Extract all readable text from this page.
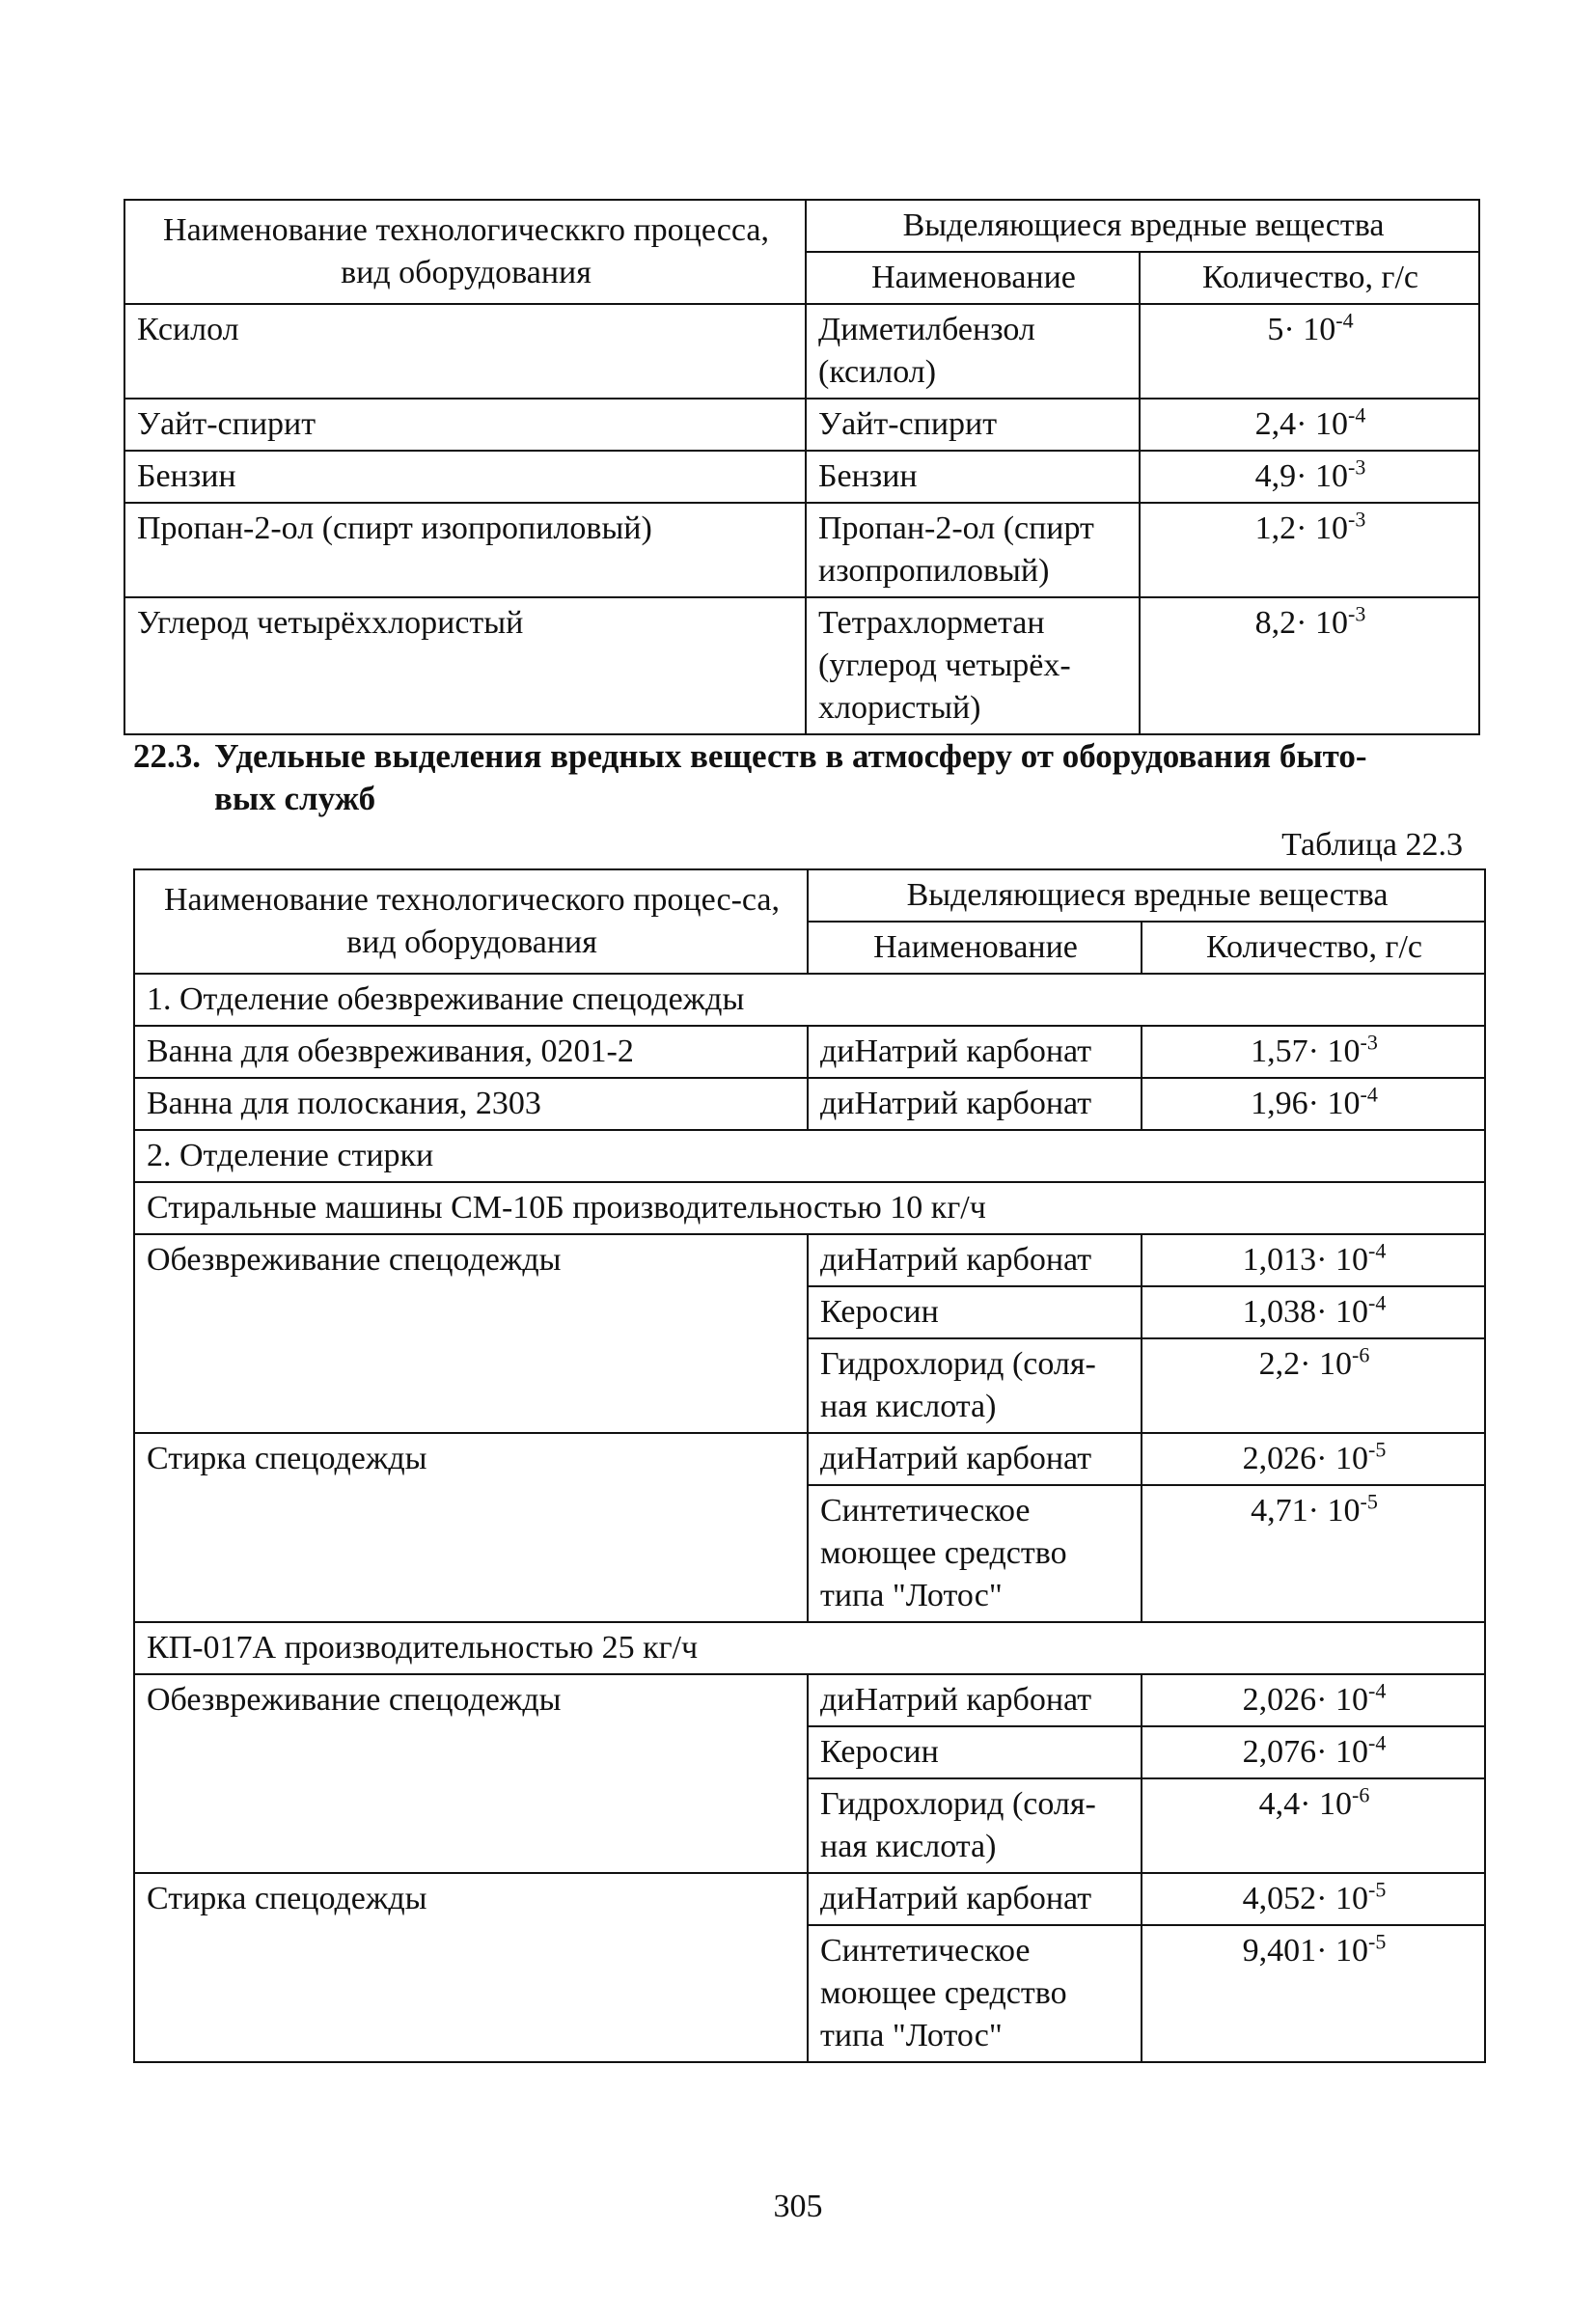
Наименование технологическкго процесса, вид оборудования	Выделяющиеся вредные вещества	
	Наименование	Количество, г/с
Ксилол	Диметилбензол (ксилол)	$5\cdot 10^{-4}$
Уайт-спирит	Уайт-спирит	$2,4\cdot 10^{-4}$
Бензин	Бензин	$4,9\cdot 10^{-3}$
Пропан-2-ол (спирт изопропиловый)	Пропан-2-ол (спирт изопропиловый)	$1,2\cdot 10^{-3}$
Углерод четырёххлористый	Тетрахлорметан (углерод четырёх-хлористый)	$8,2\cdot 10^{-3}$
22.3. Удельные выделения вредных веществ в атмосферу от оборудования быто-
вых служб
Таблица 22.3
Наименование технологического процес-са, вид оборудования	Выделяющиеся вредные вещества	
	Наименование	Количество, г/с
1. Отделение обезвреживание спецодежды		
Ванна для обезвреживания, 0201-2	диНатрий карбонат	$1,57\cdot 10^{-3}$
Ванна для полоскания, 2303	диНатрий карбонат	$1,96\cdot 10^{-4}$
2. Отделение стирки		
Стиральные машины СМ-10Б производительностью 10 кг/ч		
Обезвреживание спецодежды	диНатрий карбонат	$1,013\cdot 10^{-4}$
	Керосин	$1,038\cdot 10^{-4}$
	Гидрохлорид (соля-ная кислота)	$2,2\cdot 10^{-6}$
Стирка спецодежды	диНатрий карбонат	$2,026\cdot 10^{-5}$
	Синтетическое моющее средство типа "Лотос"	$4,71\cdot 10^{-5}$
КП-017А производительностью 25 кг/ч		
Обезвреживание спецодежды	диНатрий карбонат	$2,026\cdot 10^{-4}$
	Керосин	$2,076\cdot 10^{-4}$
	Гидрохлорид (соля-ная кислота)	$4,4\cdot 10^{-6}$
Стирка спецодежды	диНатрий карбонат	$4,052\cdot 10^{-5}$
	Синтетическое моющее средство типа "Лотос"	$9,401\cdot 10^{-5}$
305
